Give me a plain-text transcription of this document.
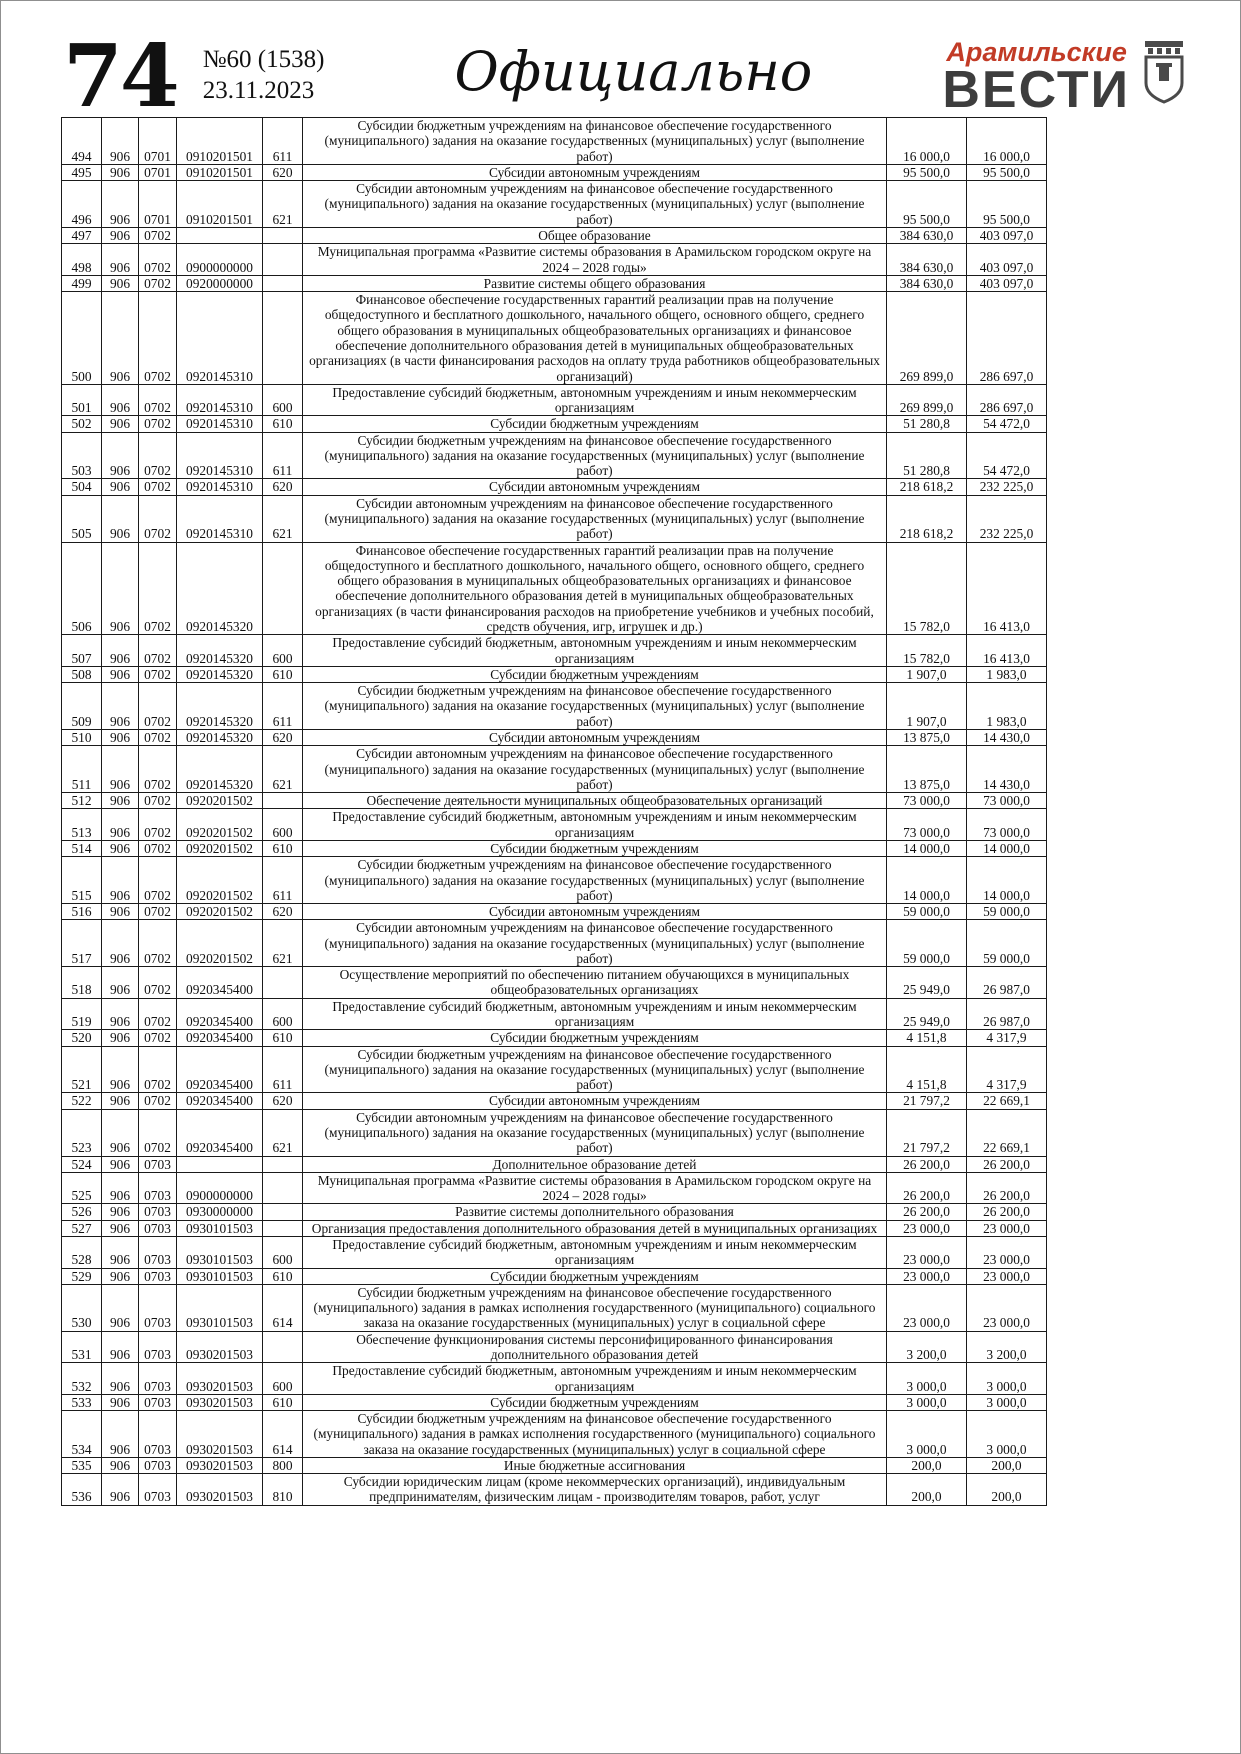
74 №60 (1538)
23.11.2023	Официально	Арамильские
ВЕСТИ
494	906	0701	0910201501	611	Субсидии бюджетным учреждениям на финансовое обеспечение государственного (муниципального) задания на оказание государственных (муниципальных) услуг (выполнение работ)	16 000,0	16 000,0
495	906	0701	0910201501	620	Субсидии автономным учреждениям	95 500,0	95 500,0
496	906	0701	0910201501	621	Субсидии автономным учреждениям на финансовое обеспечение государственного (муниципального) задания на оказание государственных (муниципальных) услуг (выполнение работ)	95 500,0	95 500,0
497	906	0702			Общее образование	384 630,0	403 097,0
498	906	0702	0900000000		Муниципальная программа «Развитие системы образования в Арамильском городском округе на 2024 – 2028 годы»	384 630,0	403 097,0
499	906	0702	0920000000		Развитие системы общего образования	384 630,0	403 097,0
500	906	0702	0920145310		Финансовое обеспечение государственных гарантий реализации прав на получение общедоступного и бесплатного дошкольного, начального общего, основного общего, среднего общего образования в муниципальных общеобразовательных организациях и финансовое обеспечение дополнительного образования детей в муниципальных общеобразовательных организациях (в части финансирования расходов на оплату труда работников общеобразовательных организаций)	269 899,0	286 697,0
501	906	0702	0920145310	600	Предоставление субсидий бюджетным, автономным учреждениям и иным некоммерческим организациям	269 899,0	286 697,0
502	906	0702	0920145310	610	Субсидии бюджетным учреждениям	51 280,8	54 472,0
503	906	0702	0920145310	611	Субсидии бюджетным учреждениям на финансовое обеспечение государственного (муниципального) задания на оказание государственных (муниципальных) услуг (выполнение работ)	51 280,8	54 472,0
504	906	0702	0920145310	620	Субсидии автономным учреждениям	218 618,2	232 225,0
505	906	0702	0920145310	621	Субсидии автономным учреждениям на финансовое обеспечение государственного (муниципального) задания на оказание государственных (муниципальных) услуг (выполнение работ)	218 618,2	232 225,0
506	906	0702	0920145320		Финансовое обеспечение государственных гарантий реализации прав на получение общедоступного и бесплатного дошкольного, начального общего, основного общего, среднего общего образования в муниципальных общеобразовательных организациях и финансовое обеспечение дополнительного образования детей в муниципальных общеобразовательных организациях (в части финансирования расходов на приобретение учебников и учебных пособий, средств обучения, игр, игрушек и др.)	15 782,0	16 413,0
507	906	0702	0920145320	600	Предоставление субсидий бюджетным, автономным учреждениям и иным некоммерческим организациям	15 782,0	16 413,0
508	906	0702	0920145320	610	Субсидии бюджетным учреждениям	1 907,0	1 983,0
509	906	0702	0920145320	611	Субсидии бюджетным учреждениям на финансовое обеспечение государственного (муниципального) задания на оказание государственных (муниципальных) услуг (выполнение работ)	1 907,0	1 983,0
510	906	0702	0920145320	620	Субсидии автономным учреждениям	13 875,0	14 430,0
511	906	0702	0920145320	621	Субсидии автономным учреждениям на финансовое обеспечение государственного (муниципального) задания на оказание государственных (муниципальных) услуг (выполнение работ)	13 875,0	14 430,0
512	906	0702	0920201502		Обеспечение деятельности муниципальных общеобразовательных организаций	73 000,0	73 000,0
513	906	0702	0920201502	600	Предоставление субсидий бюджетным, автономным учреждениям и иным некоммерческим организациям	73 000,0	73 000,0
514	906	0702	0920201502	610	Субсидии бюджетным учреждениям	14 000,0	14 000,0
515	906	0702	0920201502	611	Субсидии бюджетным учреждениям на финансовое обеспечение государственного (муниципального) задания на оказание государственных (муниципальных) услуг (выполнение работ)	14 000,0	14 000,0
516	906	0702	0920201502	620	Субсидии автономным учреждениям	59 000,0	59 000,0
517	906	0702	0920201502	621	Субсидии автономным учреждениям на финансовое обеспечение государственного (муниципального) задания на оказание государственных (муниципальных) услуг (выполнение работ)	59 000,0	59 000,0
518	906	0702	0920345400		Осуществление мероприятий по обеспечению питанием обучающихся в муниципальных общеобразовательных организациях	25 949,0	26 987,0
519	906	0702	0920345400	600	Предоставление субсидий бюджетным, автономным учреждениям и иным некоммерческим организациям	25 949,0	26 987,0
520	906	0702	0920345400	610	Субсидии бюджетным учреждениям	4 151,8	4 317,9
521	906	0702	0920345400	611	Субсидии бюджетным учреждениям на финансовое обеспечение государственного (муниципального) задания на оказание государственных (муниципальных) услуг (выполнение работ)	4 151,8	4 317,9
522	906	0702	0920345400	620	Субсидии автономным учреждениям	21 797,2	22 669,1
523	906	0702	0920345400	621	Субсидии автономным учреждениям на финансовое обеспечение государственного (муниципального) задания на оказание государственных (муниципальных) услуг (выполнение работ)	21 797,2	22 669,1
524	906	0703			Дополнительное образование детей	26 200,0	26 200,0
525	906	0703	0900000000		Муниципальная программа «Развитие системы образования в Арамильском городском округе на 2024 – 2028 годы»	26 200,0	26 200,0
526	906	0703	0930000000		Развитие системы дополнительного образования	26 200,0	26 200,0
527	906	0703	0930101503		Организация предоставления дополнительного образования детей в муниципальных организациях	23 000,0	23 000,0
528	906	0703	0930101503	600	Предоставление субсидий бюджетным, автономным учреждениям и иным некоммерческим организациям	23 000,0	23 000,0
529	906	0703	0930101503	610	Субсидии бюджетным учреждениям	23 000,0	23 000,0
530	906	0703	0930101503	614	Субсидии бюджетным учреждениям на финансовое обеспечение государственного (муниципального) задания в рамках исполнения государственного (муниципального) социального заказа на оказание государственных (муниципальных) услуг в социальной сфере	23 000,0	23 000,0
531	906	0703	0930201503		Обеспечение функционирования системы персонифицированного финансирования дополнительного образования детей	3 200,0	3 200,0
532	906	0703	0930201503	600	Предоставление субсидий бюджетным, автономным учреждениям и иным некоммерческим организациям	3 000,0	3 000,0
533	906	0703	0930201503	610	Субсидии бюджетным учреждениям	3 000,0	3 000,0
534	906	0703	0930201503	614	Субсидии бюджетным учреждениям на финансовое обеспечение государственного (муниципального) задания в рамках исполнения государственного (муниципального) социального заказа на оказание государственных (муниципальных) услуг в социальной сфере	3 000,0	3 000,0
535	906	0703	0930201503	800	Иные бюджетные ассигнования	200,0	200,0
536	906	0703	0930201503	810	Субсидии юридическим лицам (кроме некоммерческих организаций), индивидуальным предпринимателям, физическим лицам - производителям товаров, работ, услуг	200,0	200,0
